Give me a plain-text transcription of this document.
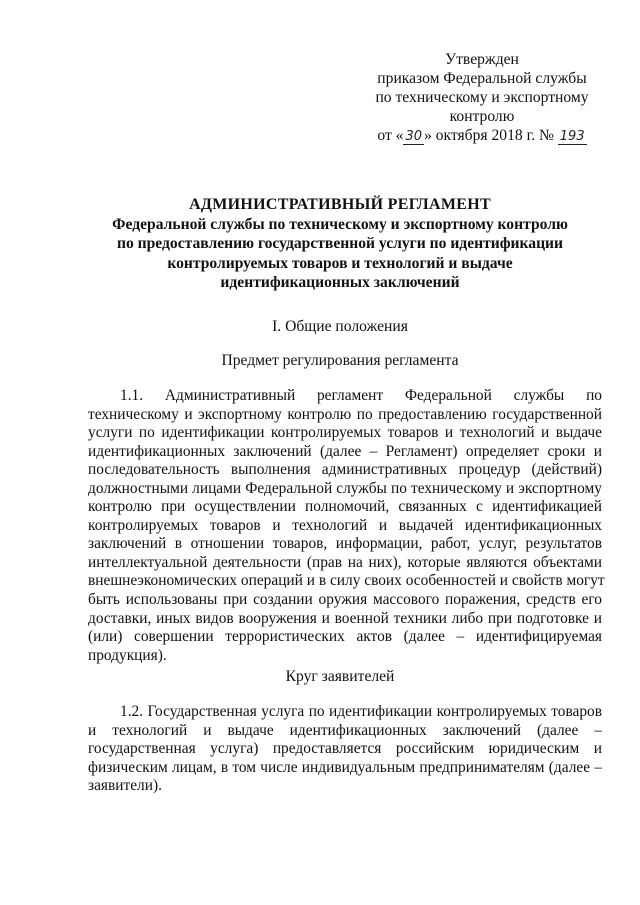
Утвержден
приказом Федеральной службы
по техническому и экспортному
контролю
от « 30 » октября 2018 г. № 193
АДМИНИСТРАТИВНЫЙ РЕГЛАМЕНТ
Федеральной службы по техническому и экспортному контролю
по предоставлению государственной услуги по идентификации
контролируемых товаров и технологий и выдаче
идентификационных заключений
I. Общие положения
Предмет регулирования регламента
1.1. Административный регламент Федеральной службы по
техническому и экспортному контролю по предоставлению государственной
услуги по идентификации контролируемых товаров и технологий и выдаче
идентификационных заключений (далее – Регламент) определяет сроки и
последовательность выполнения административных процедур (действий)
должностными лицами Федеральной службы по техническому и экспортному
контролю при осуществлении полномочий, связанных с идентификацией
контролируемых товаров и технологий и выдачей идентификационных
заключений в отношении товаров, информации, работ, услуг, результатов
интеллектуальной деятельности (прав на них), которые являются объектами
внешнеэкономических операций и в силу своих особенностей и свойств могут
быть использованы при создании оружия массового поражения, средств его
доставки, иных видов вооружения и военной техники либо при подготовке и
(или) совершении террористических актов (далее – идентифицируемая
продукция).
Круг заявителей
1.2. Государственная услуга по идентификации контролируемых товаров
и технологий и выдаче идентификационных заключений (далее –
государственная услуга) предоставляется российским юридическим и
физическим лицам, в том числе индивидуальным предпринимателям (далее –
заявители).
